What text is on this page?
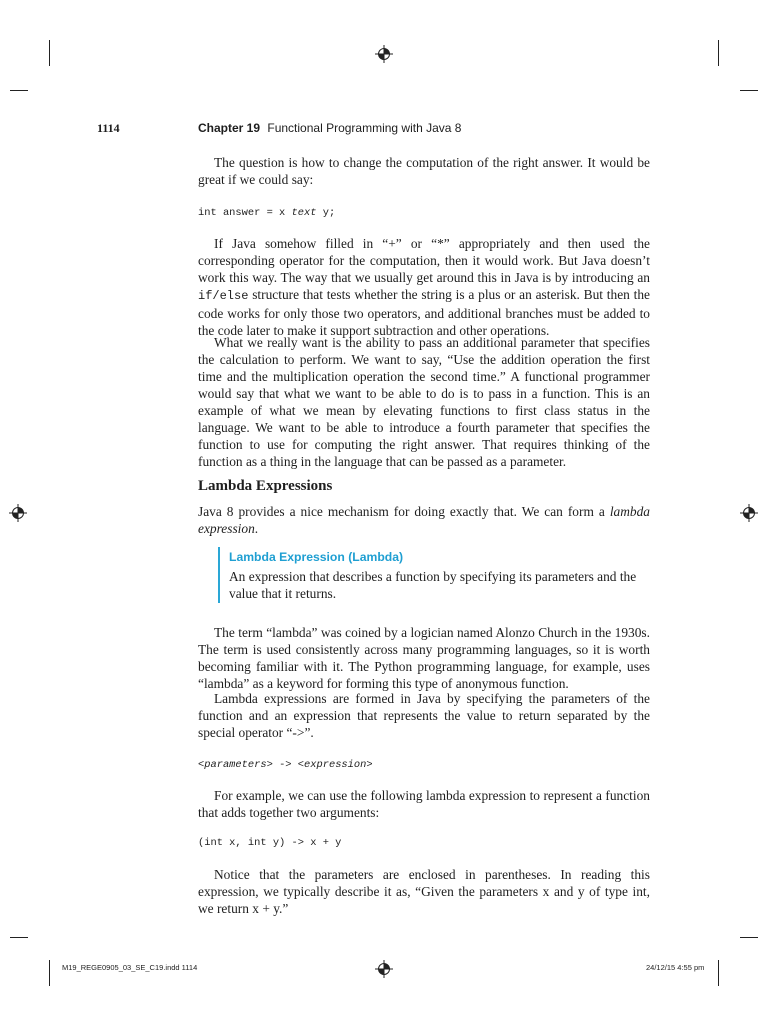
1114	Chapter 19 Functional Programming with Java 8

The question is how to change the computation of the right answer. It would be great if we could say:

int answer = x text y;

If Java somehow filled in “+” or “*” appropriately and then used the corresponding operator for the computation, then it would work. But Java doesn’t work this way. The way that we usually get around this in Java is by introducing an if/else structure that tests whether the string is a plus or an asterisk. But then the code works for only those two operators, and additional branches must be added to the code later to make it support subtraction and other operations.

What we really want is the ability to pass an additional parameter that specifies the calculation to perform. We want to say, “Use the addition operation the first time and the multiplication operation the second time.” A functional programmer would say that what we want to be able to do is to pass in a function. This is an example of what we mean by elevating functions to first class status in the language. We want to be able to introduce a fourth parameter that specifies the function to use for computing the right answer. That requires thinking of the function as a thing in the language that can be passed as a parameter.

Lambda Expressions

Java 8 provides a nice mechanism for doing exactly that. We can form a lambda expression.

Lambda Expression (Lambda)

An expression that describes a function by specifying its parameters and the value that it returns.

The term “lambda” was coined by a logician named Alonzo Church in the 1930s. The term is used consistently across many programming languages, so it is worth becoming familiar with it. The Python programming language, for example, uses “lambda” as a keyword for forming this type of anonymous function.

Lambda expressions are formed in Java by specifying the parameters of the function and an expression that represents the value to return separated by the special operator “->”.

<parameters> -> <expression>

For example, we can use the following lambda expression to represent a function that adds together two arguments:

(int x, int y) -> x + y

Notice that the parameters are enclosed in parentheses. In reading this expression, we typically describe it as, “Given the parameters x and y of type int, we return x + y.”

M19_REGE0905_03_SE_C19.indd 1114	24/12/15 4:55 pm
